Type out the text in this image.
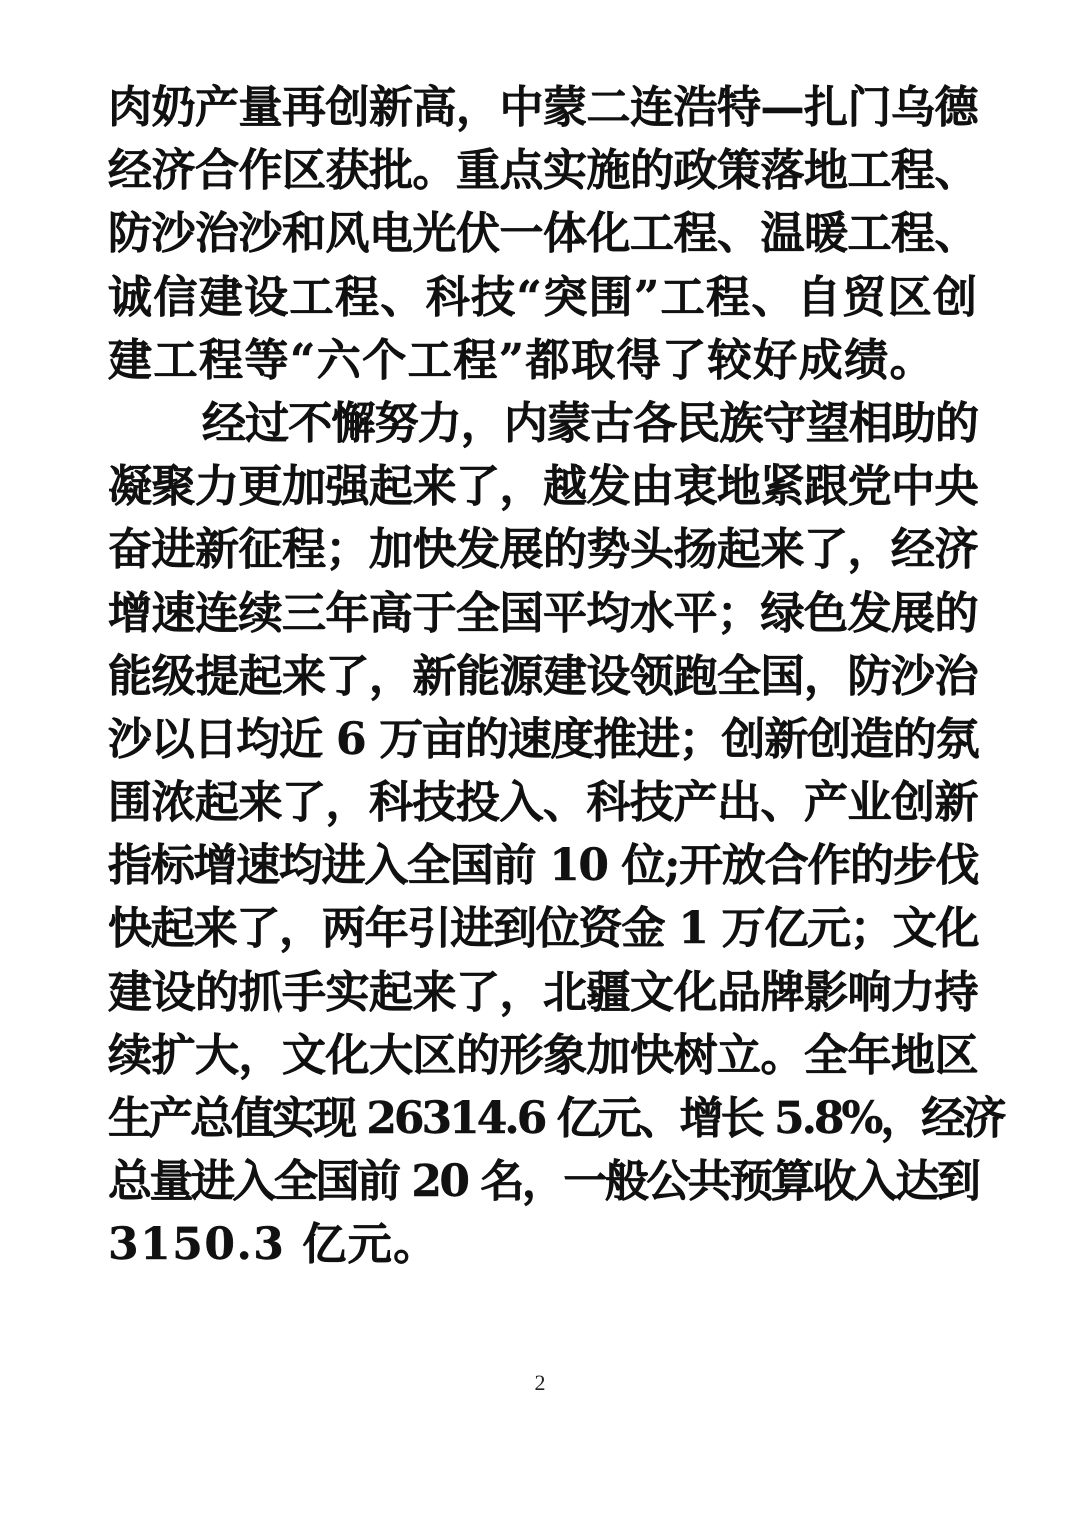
肉奶产量再创新高，中蒙二连浩特—扎门乌德
经济合作区获批。重点实施的政策落地工程、
防沙治沙和风电光伏一体化工程、温暖工程、
诚信建设工程、科技“突围”工程、自贸区创
建工程等“六个工程”都取得了较好成绩。
经过不懈努力，内蒙古各民族守望相助的
凝聚力更加强起来了，越发由衷地紧跟党中央
奋进新征程；加快发展的势头扬起来了，经济
增速连续三年高于全国平均水平；绿色发展的
能级提起来了，新能源建设领跑全国，防沙治
沙以日均近 6 万亩的速度推进；创新创造的氛
围浓起来了，科技投入、科技产出、产业创新
指标增速均进入全国前 10 位;开放合作的步伐
快起来了，两年引进到位资金 1 万亿元；文化
建设的抓手实起来了，北疆文化品牌影响力持
续扩大，文化大区的形象加快树立。全年地区
生产总值实现 26314.6 亿元、增长 5.8%，经济
总量进入全国前 20 名，一般公共预算收入达到
3150.3 亿元。
2
